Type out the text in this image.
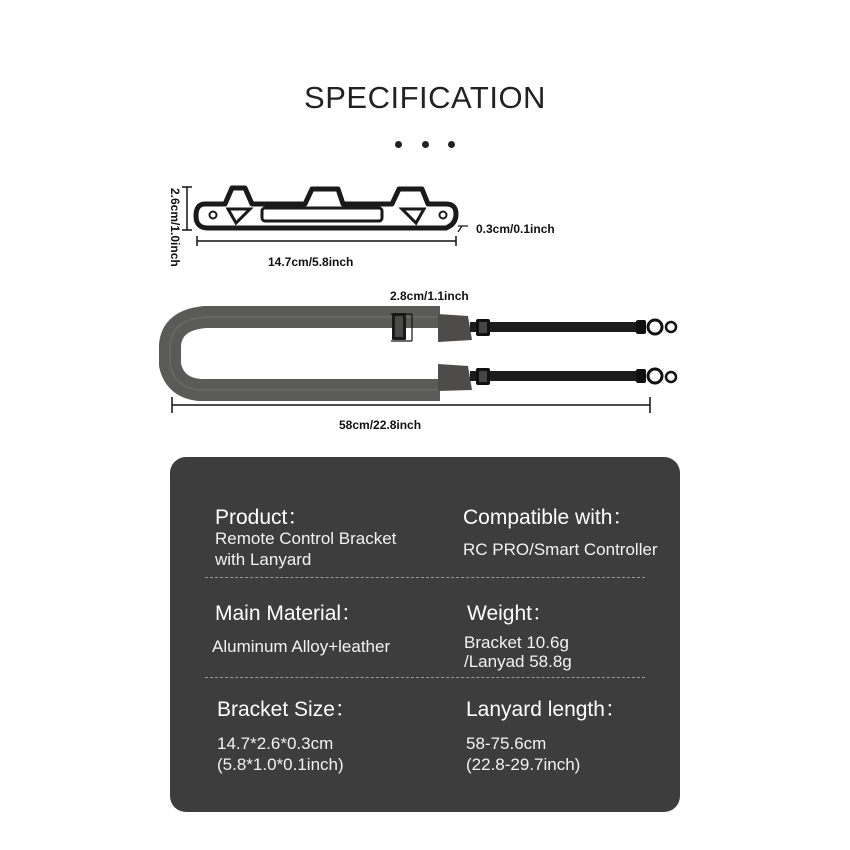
SPECIFICATION
2.6cm/1.0inch	0.3cm/0.1inch
14.7cm/5.8inch
2.8cm/1.1inch
58cm/22.8inch
Product：
Remote Control Bracket
with Lanyard
Compatible with：
RC PRO/Smart Controller
Main Material：
Aluminum Alloy+leather
Weight：
Bracket 10.6g
/Lanyad 58.8g
Bracket Size：
14.7*2.6*0.3cm
(5.8*1.0*0.1inch)
Lanyard length：
58-75.6cm
(22.8-29.7inch)
